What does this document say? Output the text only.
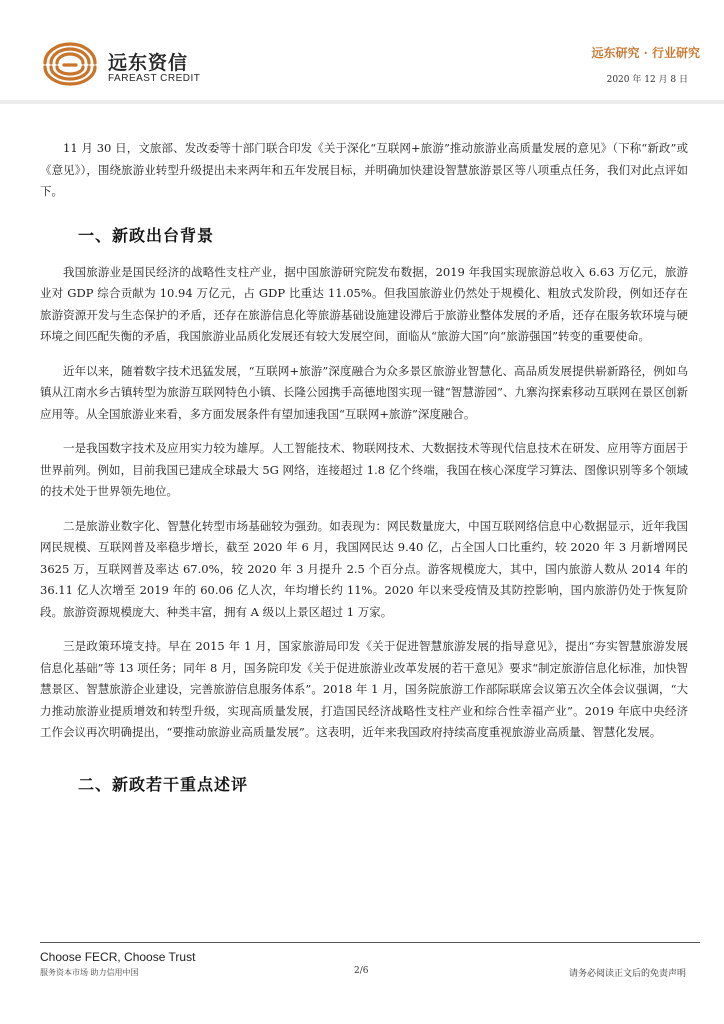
远东资信
FAREAST CREDIT
远东研究 · 行业研究
2020 年 12 月 8 日

11 月 30 日，文旅部、发改委等十部门联合印发《关于深化“互联网+旅游”推动旅游业高质量发展的意见》（下称“新政”或《意见》），围绕旅游业转型升级提出未来两年和五年发展目标，并明确加快建设智慧旅游景区等八项重点任务，我们对此点评如下。

一、新政出台背景

我国旅游业是国民经济的战略性支柱产业，据中国旅游研究院发布数据，2019 年我国实现旅游总收入 6.63 万亿元，旅游业对 GDP 综合贡献为 10.94 万亿元，占 GDP 比重达 11.05%。但我国旅游业仍然处于规模化、粗放式发阶段，例如还存在旅游资源开发与生态保护的矛盾，还存在旅游信息化等旅游基础设施建设滞后于旅游业整体发展的矛盾，还存在服务软环境与硬环境之间匹配失衡的矛盾，我国旅游业品质化发展还有较大发展空间，面临从“旅游大国”向“旅游强国”转变的重要使命。

近年以来，随着数字技术迅猛发展，“互联网+旅游”深度融合为众多景区旅游业智慧化、高品质发展提供崭新路径，例如乌镇从江南水乡古镇转型为旅游互联网特色小镇、长隆公园携手高德地图实现一键“智慧游园”、九寨沟探索移动互联网在景区创新应用等。从全国旅游业来看，多方面发展条件有望加速我国“互联网+旅游”深度融合。

一是我国数字技术及应用实力较为雄厚。人工智能技术、物联网技术、大数据技术等现代信息技术在研发、应用等方面居于世界前列。例如，目前我国已建成全球最大 5G 网络，连接超过 1.8 亿个终端，我国在核心深度学习算法、图像识别等多个领域的技术处于世界领先地位。

二是旅游业数字化、智慧化转型市场基础较为强劲。如表现为：网民数量庞大，中国互联网络信息中心数据显示，近年我国网民规模、互联网普及率稳步增长，截至 2020 年 6 月，我国网民达 9.40 亿，占全国人口比重约，较 2020 年 3 月新增网民 3625 万，互联网普及率达 67.0%，较 2020 年 3 月提升 2.5 个百分点。游客规模庞大，其中，国内旅游人数从 2014 年的 36.11 亿人次增至 2019 年的 60.06 亿人次，年均增长约 11%。2020 年以来受疫情及其防控影响，国内旅游仍处于恢复阶段。旅游资源规模庞大、种类丰富，拥有 A 级以上景区超过 1 万家。

三是政策环境支持。早在 2015 年 1 月，国家旅游局印发《关于促进智慧旅游发展的指导意见》，提出“夯实智慧旅游发展信息化基础”等 13 项任务；同年 8 月，国务院印发《关于促进旅游业改革发展的若干意见》要求“制定旅游信息化标准，加快智慧景区、智慧旅游企业建设，完善旅游信息服务体系”。2018 年 1 月，国务院旅游工作部际联席会议第五次全体会议强调，“大力推动旅游业提质增效和转型升级，实现高质量发展，打造国民经济战略性支柱产业和综合性幸福产业”。2019 年底中央经济工作会议再次明确提出，“要推动旅游业高质量发展”。这表明，近年来我国政府持续高度重视旅游业高质量、智慧化发展。

二、新政若干重点述评
Choose FECR, Choose Trust
服务资本市场 助力信用中国	2/6	请务必阅读正文后的免责声明
